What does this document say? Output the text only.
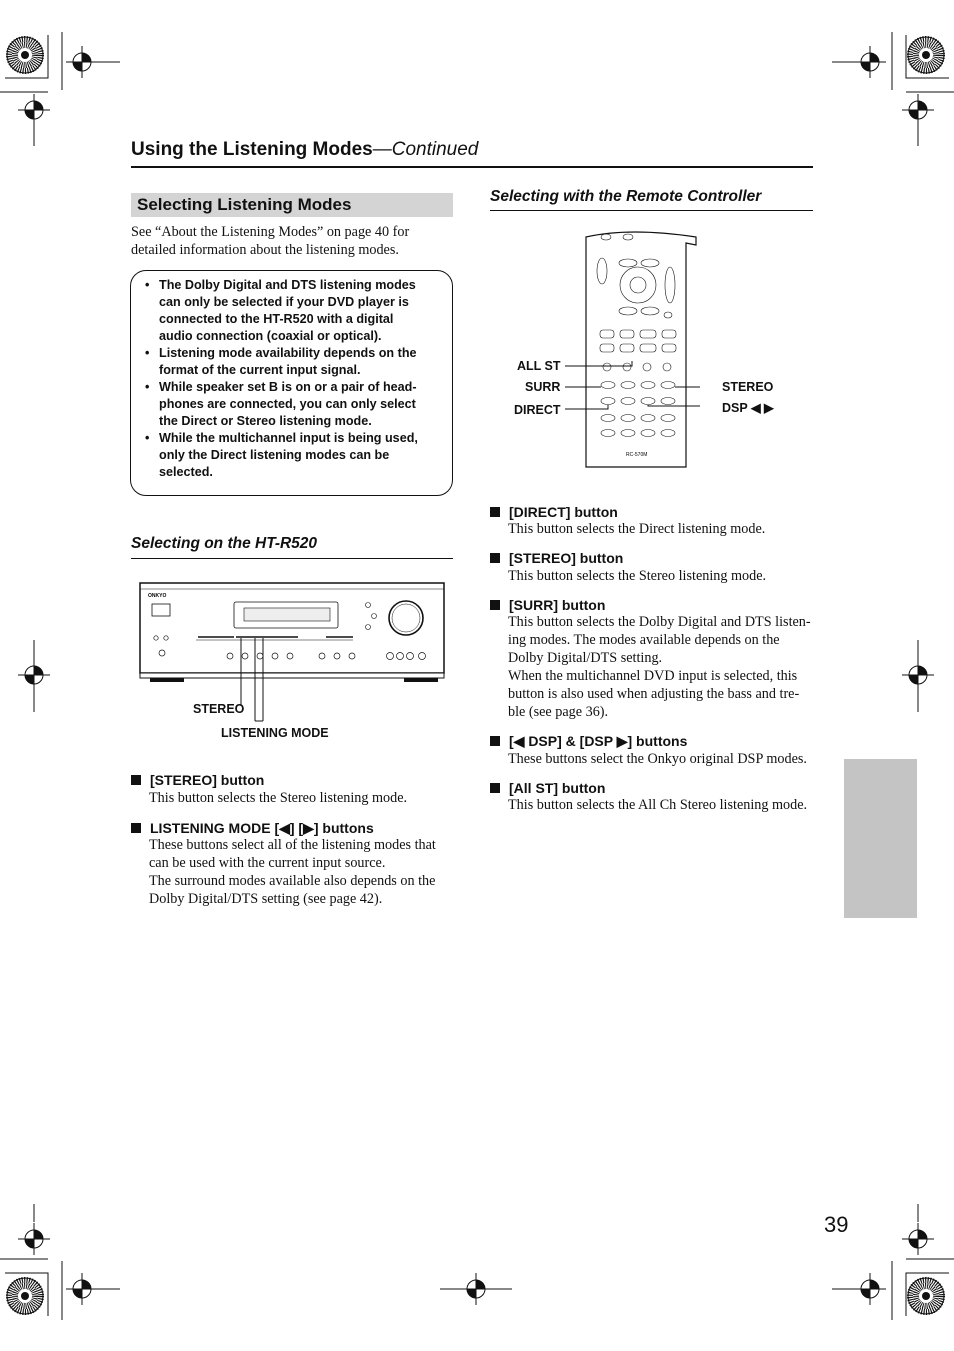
Using the Listening Modes—Continued
Selecting Listening Modes
See “About the Listening Modes” on page 40 for
detailed information about the listening modes.
• The Dolby Digital and DTS listening modes
can only be selected if your DVD player is
connected to the HT-R520 with a digital
audio connection (coaxial or optical).
• Listening mode availability depends on the
format of the current input signal.
• While speaker set B is on or a pair of head-
phones are connected, you can only select
the Direct or Stereo listening mode.
• While the multichannel input is being used,
only the Direct listening modes can be
selected.
Selecting on the HT-R520
ONKYO
STEREO
LISTENING MODE
[STEREO] button
This button selects the Stereo listening mode.
LISTENING MODE [◀] [▶] buttons
These buttons select all of the listening modes that
can be used with the current input source.
The surround modes available also depends on the
Dolby Digital/DTS setting (see page 42).
Selecting with the Remote Controller
RC-570M
ALL ST
SURR
DIRECT
STEREO
DSP ◀ ▶
[DIRECT] button
This button selects the Direct listening mode.
[STEREO] button
This button selects the Stereo listening mode.
[SURR] button
This button selects the Dolby Digital and DTS listen-
ing modes. The modes available depends on the
Dolby Digital/DTS setting.
When the multichannel DVD input is selected, this
button is also used when adjusting the bass and tre-
ble (see page 36).
[◀ DSP] & [DSP ▶] buttons
These buttons select the Onkyo original DSP modes.
[All ST] button
This button selects the All Ch Stereo listening mode.
39
